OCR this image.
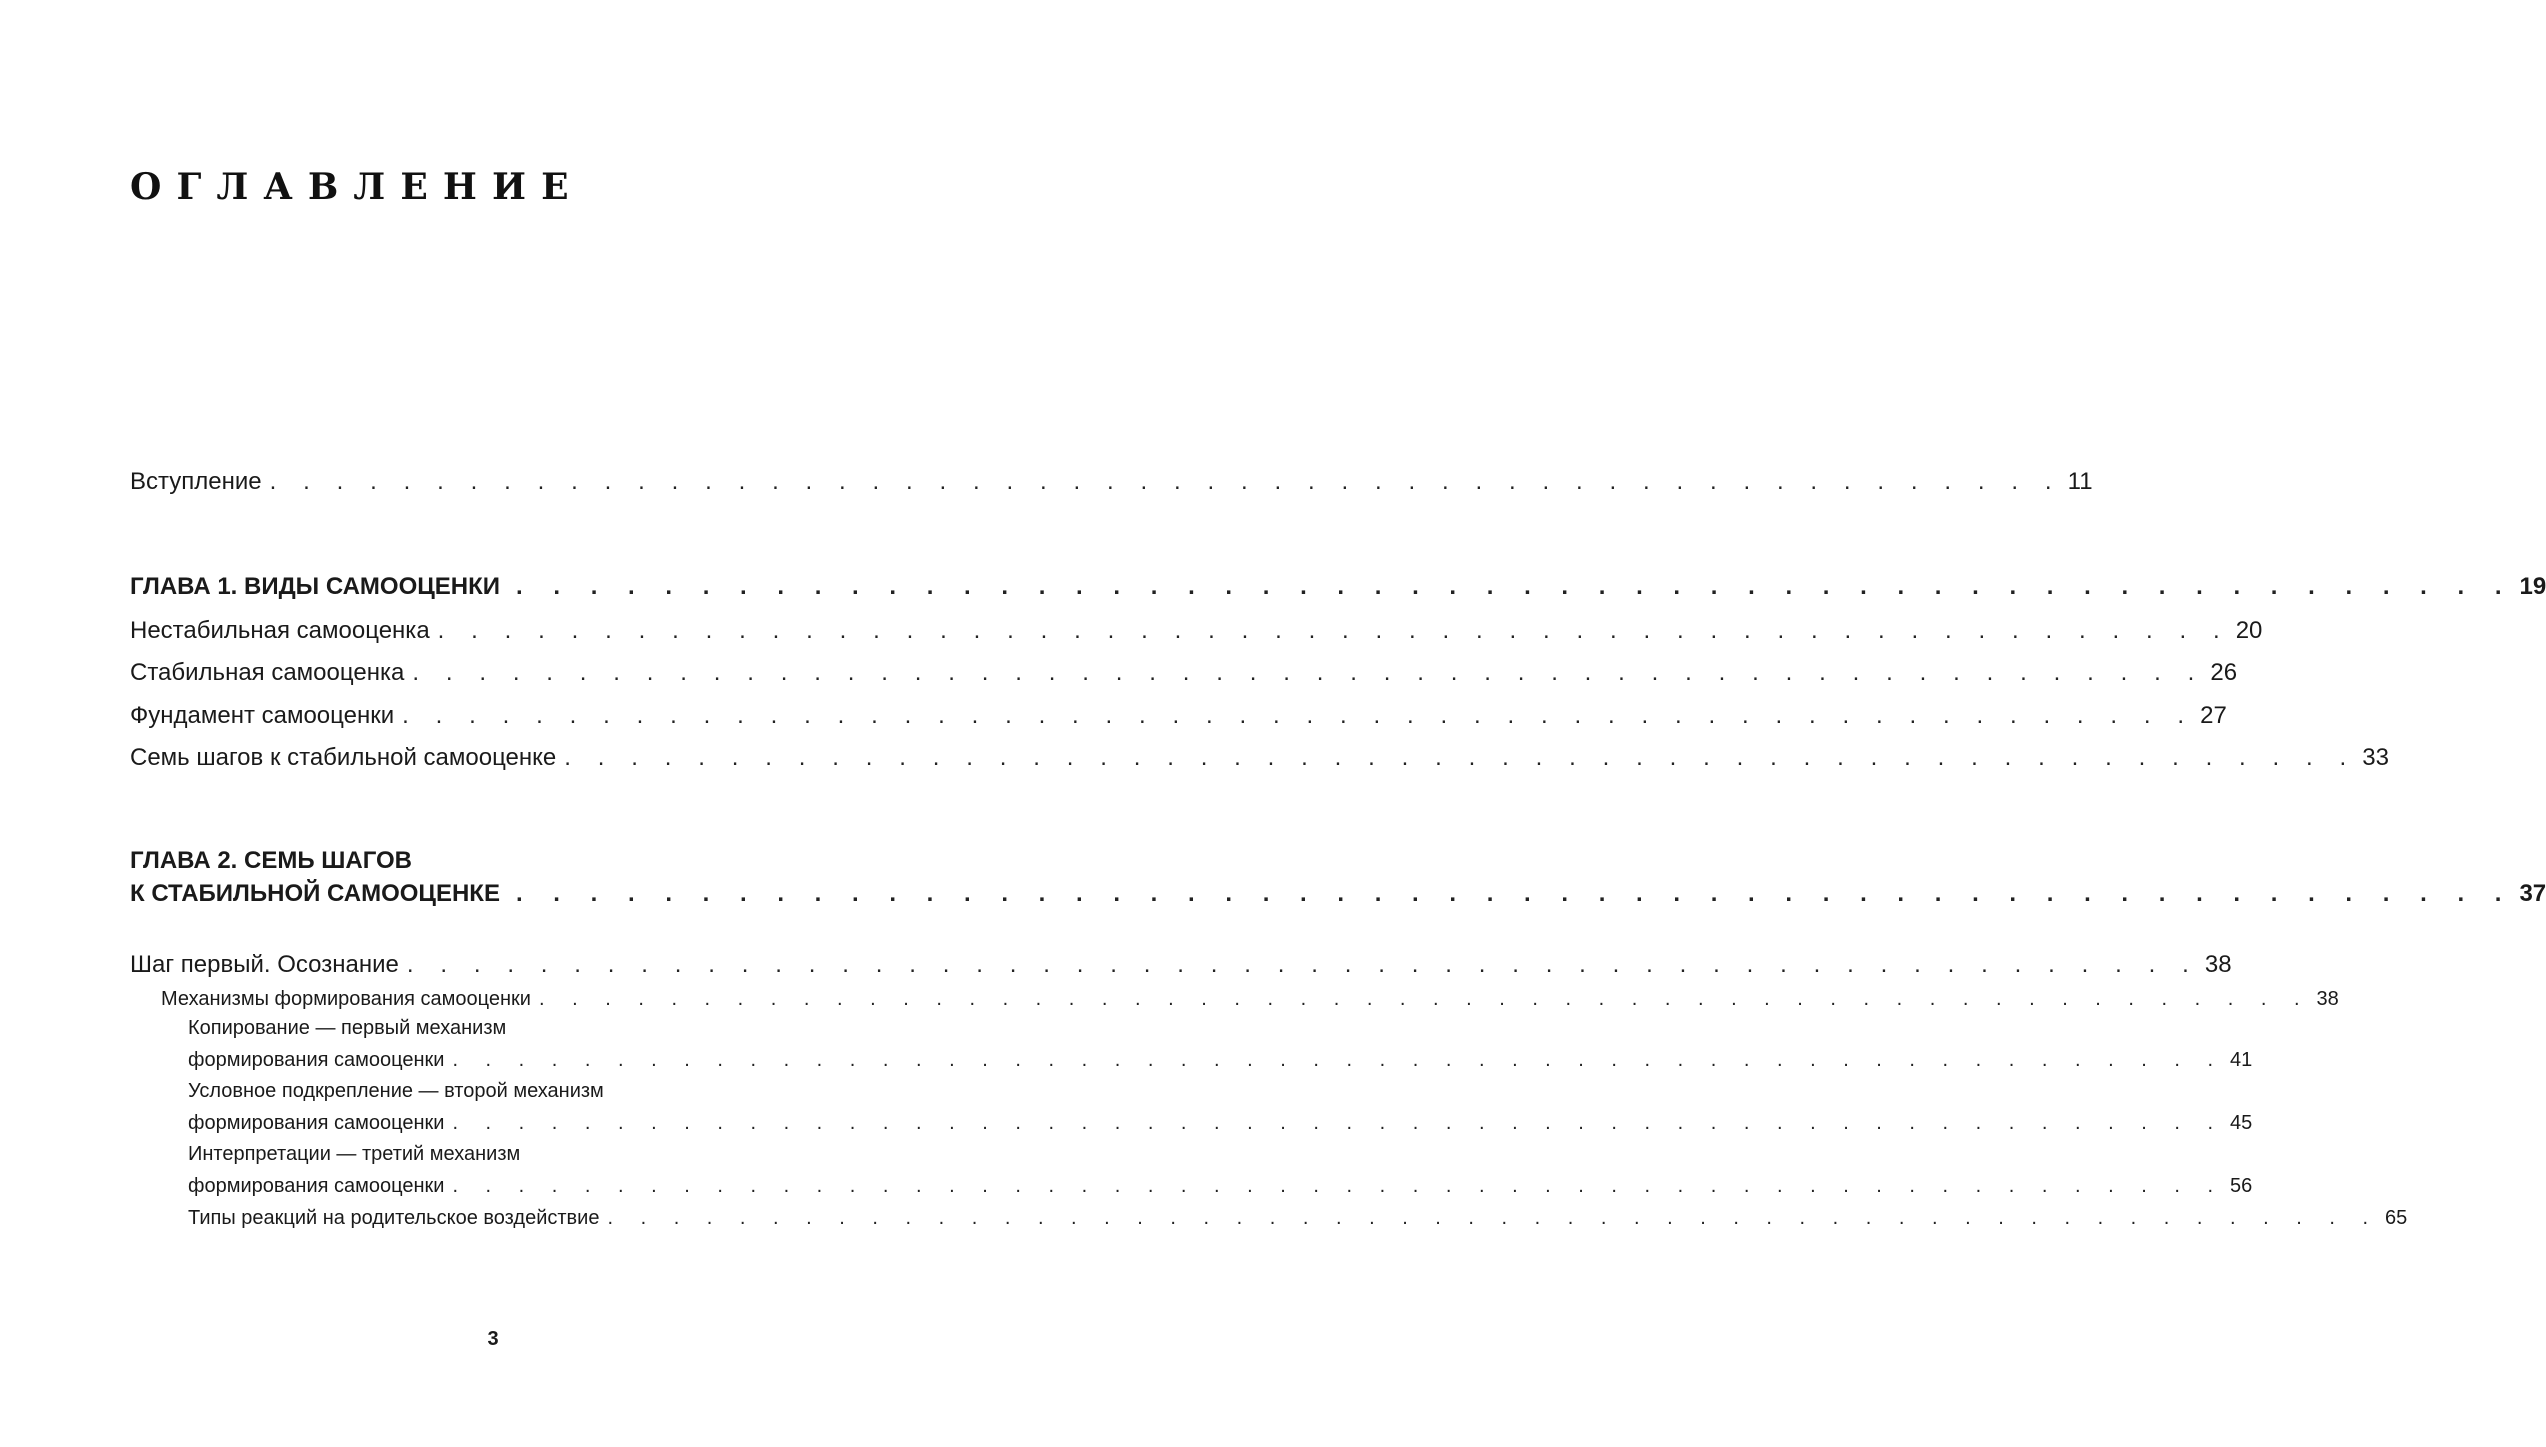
ОГЛАВЛЕНИЕ
Вступление . . . . . . . . . . . . . . . . . . . . . . . . . . . . . . . . . . . . . . . . . . . . . . . . . . . . . . 11
ГЛАВА 1. ВИДЫ САМООЦЕНКИ . . . . . . . . . . . . . . . . . . . . . . . . . . . . . . . . . . . . . . . . . . . . . . . . . . . . . . 19
Нестабильная самооценка . . . . . . . . . . . . . . . . . . . . . . . . . . . . . . . . . . . . . . . . . . . . . . . . . . . . . . 20
Стабильная самооценка . . . . . . . . . . . . . . . . . . . . . . . . . . . . . . . . . . . . . . . . . . . . . . . . . . . . . . 26
Фундамент самооценки . . . . . . . . . . . . . . . . . . . . . . . . . . . . . . . . . . . . . . . . . . . . . . . . . . . . . . 27
Семь шагов к стабильной самооценке . . . . . . . . . . . . . . . . . . . . . . . . . . . . . . . . . . . . . . . . . . . . . . . . . . . . . . 33
ГЛАВА 2. СЕМЬ ШАГОВ
К СТАБИЛЬНОЙ САМООЦЕНКЕ . . . . . . . . . . . . . . . . . . . . . . . . . . . . . . . . . . . . . . . . . . . . . . . . . . . . . . 37
Шаг первый. Осознание . . . . . . . . . . . . . . . . . . . . . . . . . . . . . . . . . . . . . . . . . . . . . . . . . . . . . . 38
Механизмы формирования самооценки . . . . . . . . . . . . . . . . . . . . . . . . . . . . . . . . . . . . . . . . . . . . . . . . . . . . . . 38
Копирование — первый механизм
формирования самооценки . . . . . . . . . . . . . . . . . . . . . . . . . . . . . . . . . . . . . . . . . . . . . . . . . . . . . . 41
Условное подкрепление — второй механизм
формирования самооценки . . . . . . . . . . . . . . . . . . . . . . . . . . . . . . . . . . . . . . . . . . . . . . . . . . . . . . 45
Интерпретации — третий механизм
формирования самооценки . . . . . . . . . . . . . . . . . . . . . . . . . . . . . . . . . . . . . . . . . . . . . . . . . . . . . . 56
Типы реакций на родительское воздействие . . . . . . . . . . . . . . . . . . . . . . . . . . . . . . . . . . . . . . . . . . . . . . . . . . . . . . 65
3
